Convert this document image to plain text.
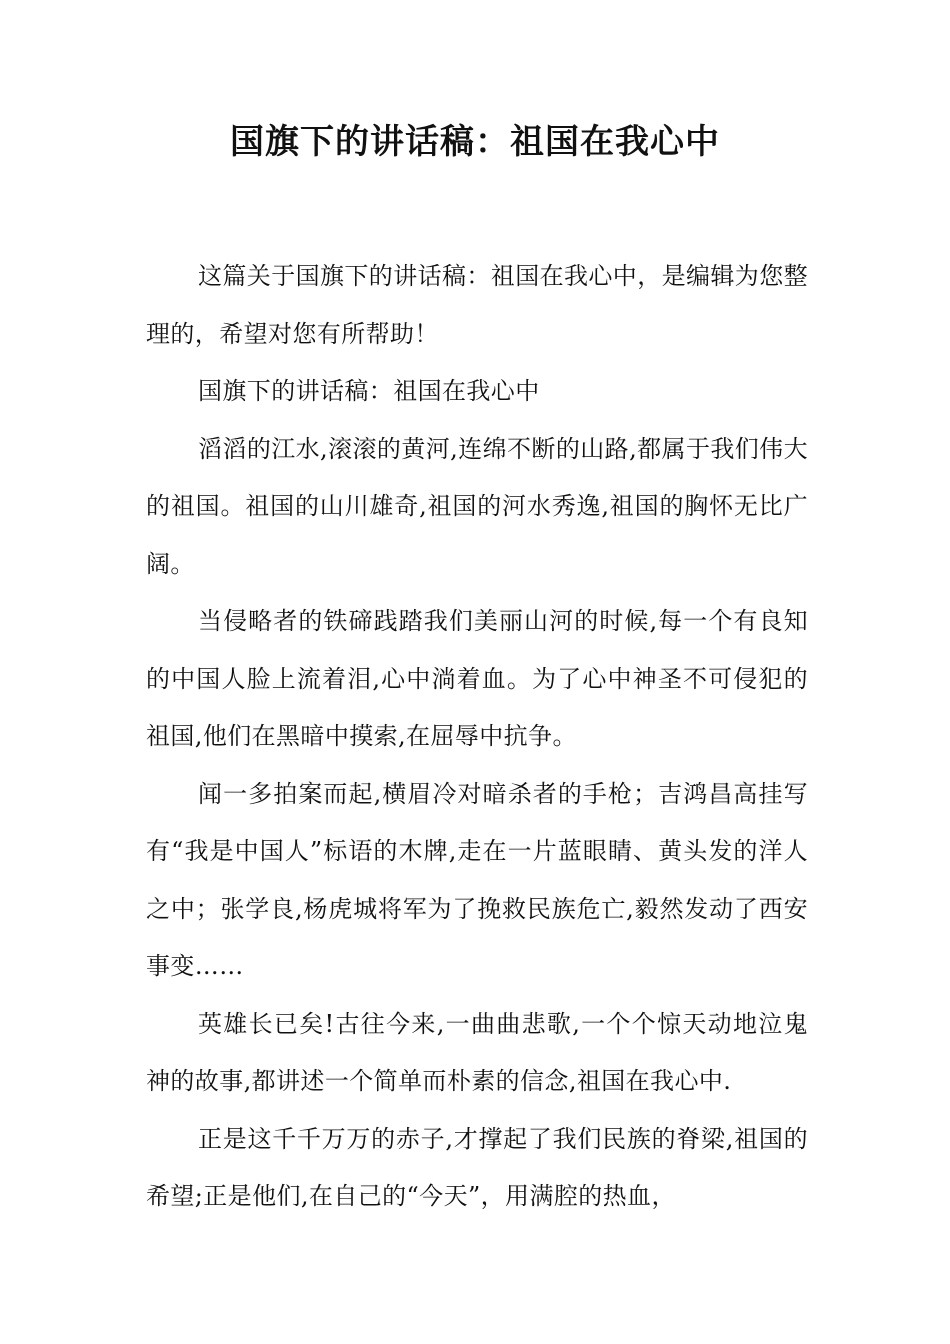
国旗下的讲话稿：祖国在我心中

这篇关于国旗下的讲话稿：祖国在我心中，是编辑为您整理的，希望对您有所帮助！

国旗下的讲话稿：祖国在我心中

滔滔的江水,滚滚的黄河,连绵不断的山路,都属于我们伟大的祖国。祖国的山川雄奇,祖国的河水秀逸,祖国的胸怀无比广阔。

当侵略者的铁碲践踏我们美丽山河的时候,每一个有良知的中国人脸上流着泪,心中淌着血。为了心中神圣不可侵犯的祖国,他们在黑暗中摸索,在屈辱中抗争。

闻一多拍案而起,横眉冷对暗杀者的手枪；吉鸿昌高挂写有“我是中国人”标语的木牌,走在一片蓝眼睛、黄头发的洋人之中；张学良,杨虎城将军为了挽救民族危亡,毅然发动了西安事变……

英雄长已矣!古往今来,一曲曲悲歌,一个个惊天动地泣鬼神的故事,都讲述一个简单而朴素的信念,祖国在我心中.

正是这千千万万的赤子,才撑起了我们民族的脊梁,祖国的希望;正是他们,在自己的“今天”，用满腔的热血，
